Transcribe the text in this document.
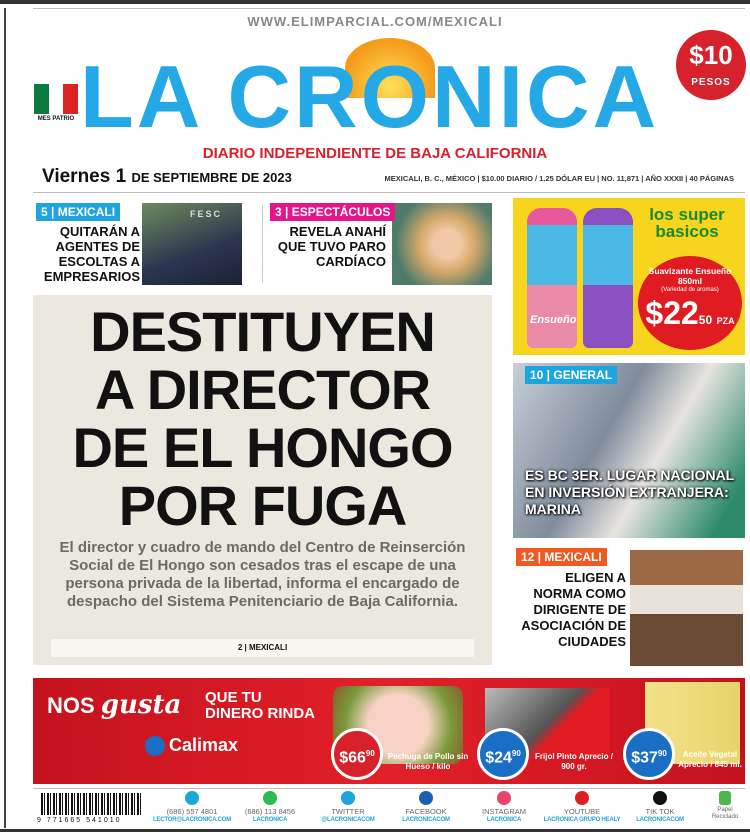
WWW.ELIMPARCIAL.COM/MEXICALI
LA CRONICA
MES PATRIO
$10
PESOS
DIARIO INDEPENDIENTE DE BAJA CALIFORNIA
Viernes 1 DE SEPTIEMBRE DE 2023	MEXICALI, B. C., MÉXICO | $10.00 DIARIO / 1.25 DÓLAR EU | NO. 11,871 | AÑO XXXII | 40 PÁGINAS
FESC
5 | MEXICALI
QUITARÁN A AGENTES DE ESCOLTAS A EMPRESARIOS
3 | ESPECTÁCULOS
REVELA ANAHÍ QUE TUVO PARO CARDÍACO
DESTITUYEN
A DIRECTOR
DE EL HONGO
POR FUGA
El director y cuadro de mando del Centro de Reinserción Social de El Hongo son cesados tras el escape de una persona privada de la libertad, informa el encargado de despacho del Sistema Penitenciario de Baja California.
2 | MEXICALI
Ensueño
los super basicos
Suavizante Ensueño 850ml
(Variedad de aromas)
$2250 PZA
10 | GENERAL
ES BC 3ER. LUGAR NACIONAL EN INVERSIÓN EXTRANJERA: MARINA
12 | MEXICALI
ELIGEN A NORMA COMO DIRIGENTE DE ASOCIACIÓN DE CIUDADES
NOS gusta QUE TU DINERO RINDA
Calimax
$\$66^{90}$	Pechuga de Pollo sin Hueso / kilo
$\$24^{90}$	Frijol Pinto Aprecio / 900 gr.
$\$37^{90}$	Aceite Vegetal Aprecio / 845 ml.
9 771665 541010
(686) 557 4801
LECTOR@LACRONICA.COM
(686) 113 8456
LACRONICA
TWITTER
@LACRONICACOM
FACEBOOK
LACRONICACOM
INSTAGRAM
LACRONICA
YOUTUBE
LACRONICA GRUPO HEALY
TIK TOK
LACRONICACOM
Papel Reciclado
